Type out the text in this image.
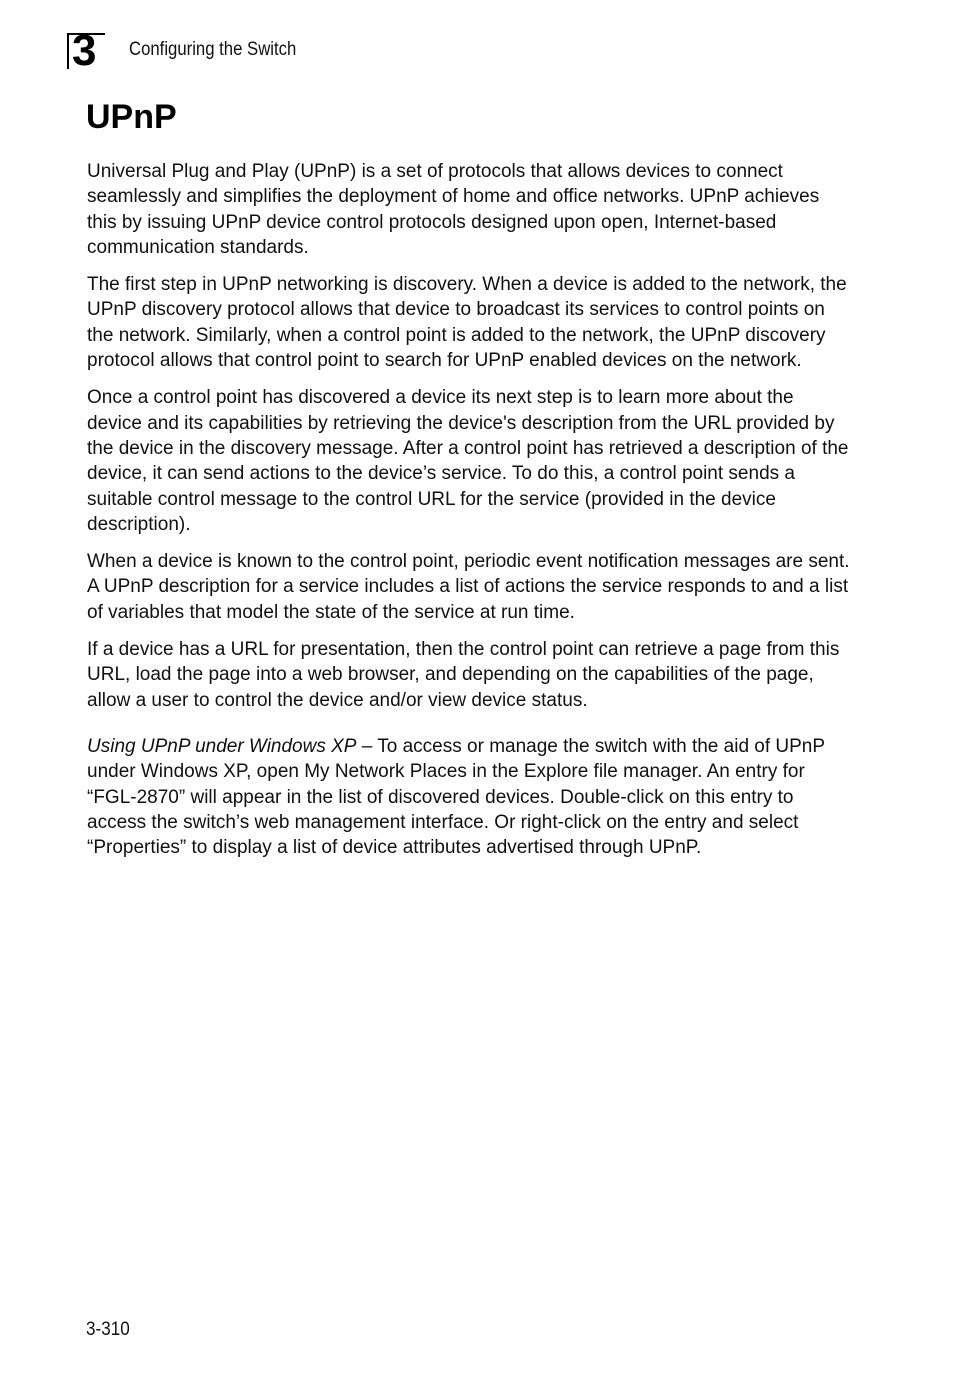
3 Configuring the Switch
UPnP

Universal Plug and Play (UPnP) is a set of protocols that allows devices to connect seamlessly and simplifies the deployment of home and office networks. UPnP achieves this by issuing UPnP device control protocols designed upon open, Internet-based communication standards.

The first step in UPnP networking is discovery. When a device is added to the network, the UPnP discovery protocol allows that device to broadcast its services to control points on the network. Similarly, when a control point is added to the network, the UPnP discovery protocol allows that control point to search for UPnP enabled devices on the network.

Once a control point has discovered a device its next step is to learn more about the device and its capabilities by retrieving the device's description from the URL provided by the device in the discovery message. After a control point has retrieved a description of the device, it can send actions to the device’s service. To do this, a control point sends a suitable control message to the control URL for the service (provided in the device description).

When a device is known to the control point, periodic event notification messages are sent. A UPnP description for a service includes a list of actions the service responds to and a list of variables that model the state of the service at run time.

If a device has a URL for presentation, then the control point can retrieve a page from this URL, load the page into a web browser, and depending on the capabilities of the page, allow a user to control the device and/or view device status.

Using UPnP under Windows XP – To access or manage the switch with the aid of UPnP under Windows XP, open My Network Places in the Explore file manager. An entry for “FGL-2870” will appear in the list of discovered devices. Double-click on this entry to access the switch’s web management interface. Or right-click on the entry and select “Properties” to display a list of device attributes advertised through UPnP.

3-310
